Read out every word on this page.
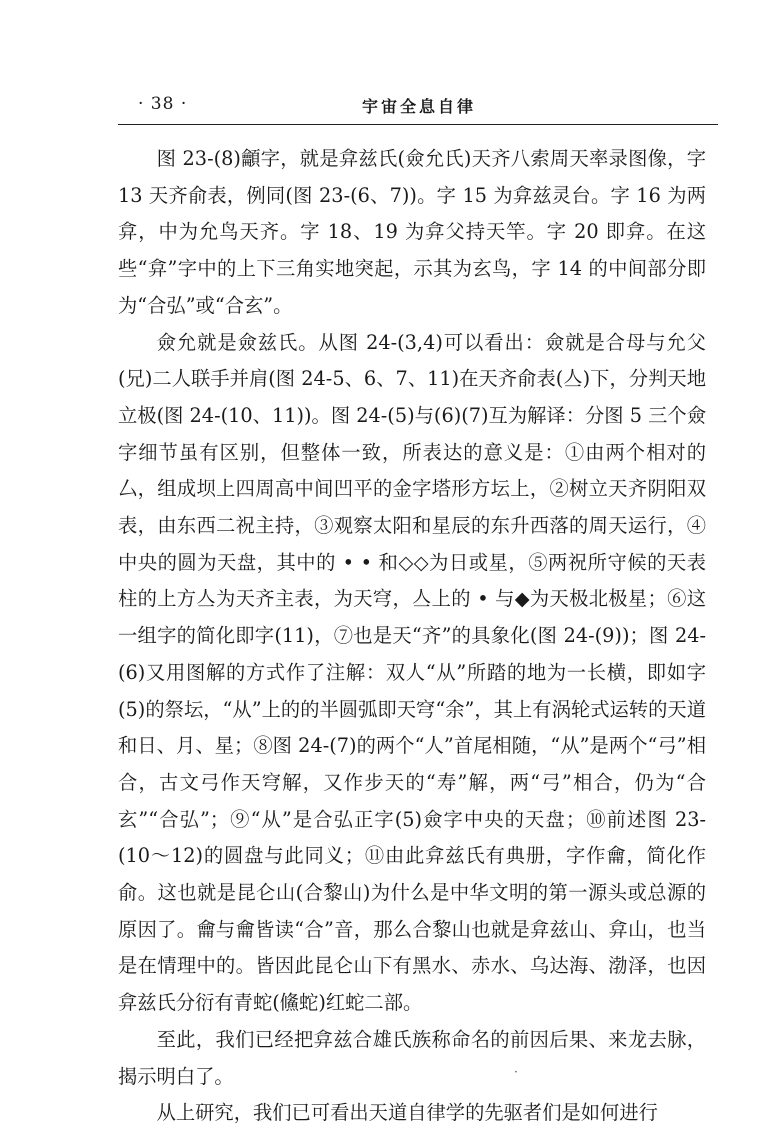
· 38 ·	宇宙全息自律

图 23-(8)龥字，就是弇兹氏(僉允氏)天齐八索周天率录图像，字 13 天齐俞表，例同(图 23-(6、7))。字 15 为弇兹灵台。字 16 为两弇，中为允鸟天齐。字 18、19 为弇父持天竿。字 20 即弇。在这些“弇”字中的上下三角实地突起，示其为玄鸟，字 14 的中间部分即为“合弘”或“合玄”。

僉允就是僉兹氏。从图 24-(3,4)可以看出：僉就是合母与允父(兄)二人联手并肩(图 24-5、6、7、11)在天齐俞表(亼)下，分判天地立极(图 24-(10、11))。图 24-(5)与(6)(7)互为解译：分图 5 三个僉字细节虽有区别，但整体一致，所表达的意义是：①由两个相对的厶，组成坝上四周高中间凹平的金字塔形方坛上，②树立天齐阴阳双表，由东西二祝主持，③观察太阳和星辰的东升西落的周天运行，④中央的圆为天盘，其中的 • • 和◇◇为日或星，⑤两祝所守候的天表柱的上方亼为天齐主表，为天穹，亼上的 • 与◆为天极北极星；⑥这一组字的简化即字(11)，⑦也是天“齐”的具象化(图 24-(9))；图 24-(6)又用图解的方式作了注解：双人“从”所踏的地为一长横，即如字(5)的祭坛，“从”上的的半圆弧即天穹“余”，其上有涡轮式运转的天道和日、月、星；⑧图 24-(7)的两个“人”首尾相随，“从”是两个“弓”相合，古文弓作天穹解，又作步天的“寿”解，两“弓”相合，仍为“合玄”“合弘”；⑨“从”是合弘正字(5)僉字中央的天盘；⑩前述图 23-(10～12)的圆盘与此同义；⑪由此弇兹氏有典册，字作龠，简化作俞。这也就是昆仑山(合黎山)为什么是中华文明的第一源头或总源的原因了。龠与龠皆读“合”音，那么合黎山也就是弇兹山、弇山，也当是在情理中的。皆因此昆仑山下有黑水、赤水、乌达海、渤泽，也因弇兹氏分衍有青蛇(鯈蛇)红蛇二部。

至此，我们已经把弇兹合雄氏族称命名的前因后果、来龙去脉，揭示明白了。

从上研究，我们已可看出天道自律学的先驱者们是如何进行

·
